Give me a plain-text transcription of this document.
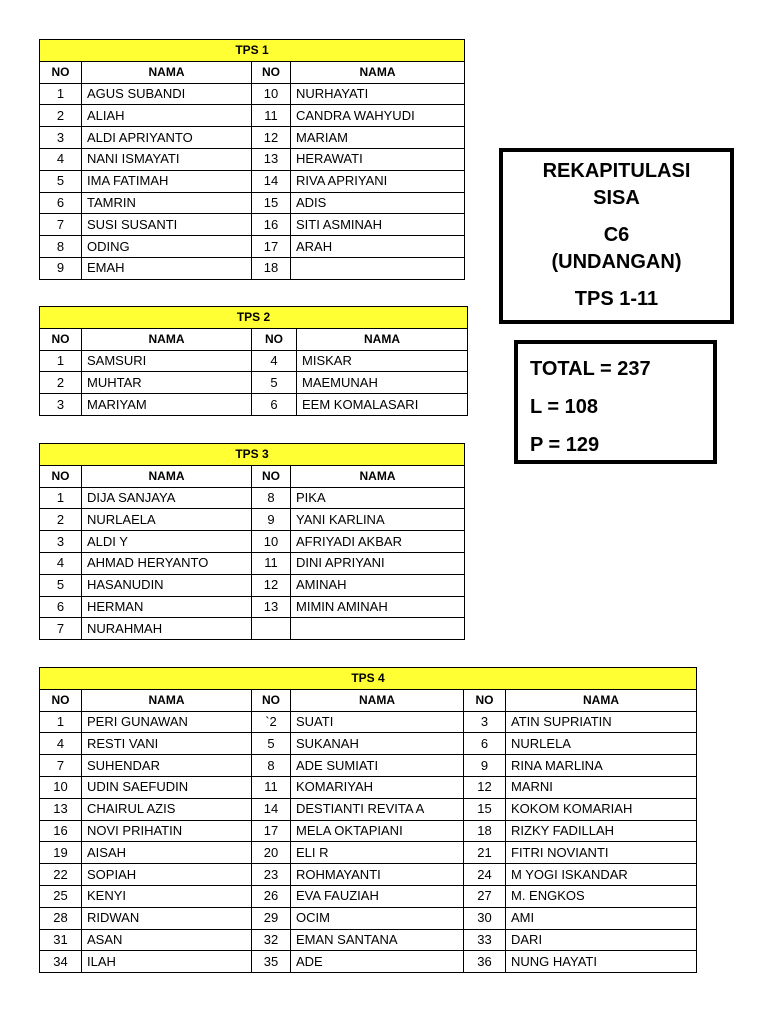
TPS 1			
NO	NAMA	NO	NAMA
1	AGUS SUBANDI	10	NURHAYATI
2	ALIAH	11	CANDRA WAHYUDI
3	ALDI APRIYANTO	12	MARIAM
4	NANI ISMAYATI	13	HERAWATI
5	IMA FATIMAH	14	RIVA APRIYANI
6	TAMRIN	15	ADIS
7	SUSI SUSANTI	16	SITI ASMINAH
8	ODING	17	ARAH
9	EMAH	18	
TPS 2			
NO	NAMA	NO	NAMA
1	SAMSURI	4	MISKAR
2	MUHTAR	5	MAEMUNAH
3	MARIYAM	6	EEM KOMALASARI
TPS 3			
NO	NAMA	NO	NAMA
1	DIJA SANJAYA	8	PIKA
2	NURLAELA	9	YANI KARLINA
3	ALDI Y	10	AFRIYADI AKBAR
4	AHMAD HERYANTO	11	DINI APRIYANI
5	HASANUDIN	12	AMINAH
6	HERMAN	13	MIMIN AMINAH
7	NURAHMAH		
TPS 4					
NO	NAMA	NO	NAMA	NO	NAMA
1	PERI GUNAWAN	`2	SUATI	3	ATIN SUPRIATIN
4	RESTI VANI	5	SUKANAH	6	NURLELA
7	SUHENDAR	8	ADE SUMIATI	9	RINA MARLINA
10	UDIN SAEFUDIN	11	KOMARIYAH	12	MARNI
13	CHAIRUL AZIS	14	DESTIANTI REVITA A	15	KOKOM KOMARIAH
16	NOVI PRIHATIN	17	MELA OKTAPIANI	18	RIZKY FADILLAH
19	AISAH	20	ELI R	21	FITRI NOVIANTI
22	SOPIAH	23	ROHMAYANTI	24	M YOGI ISKANDAR
25	KENYI	26	EVA FAUZIAH	27	M. ENGKOS
28	RIDWAN	29	OCIM	30	AMI
31	ASAN	32	EMAN SANTANA	33	DARI
34	ILAH	35	ADE	36	NUNG HAYATI
REKAPITULASI
SISA
C6
(UNDANGAN)
TPS 1-11
TOTAL = 237
L = 108
P = 129
